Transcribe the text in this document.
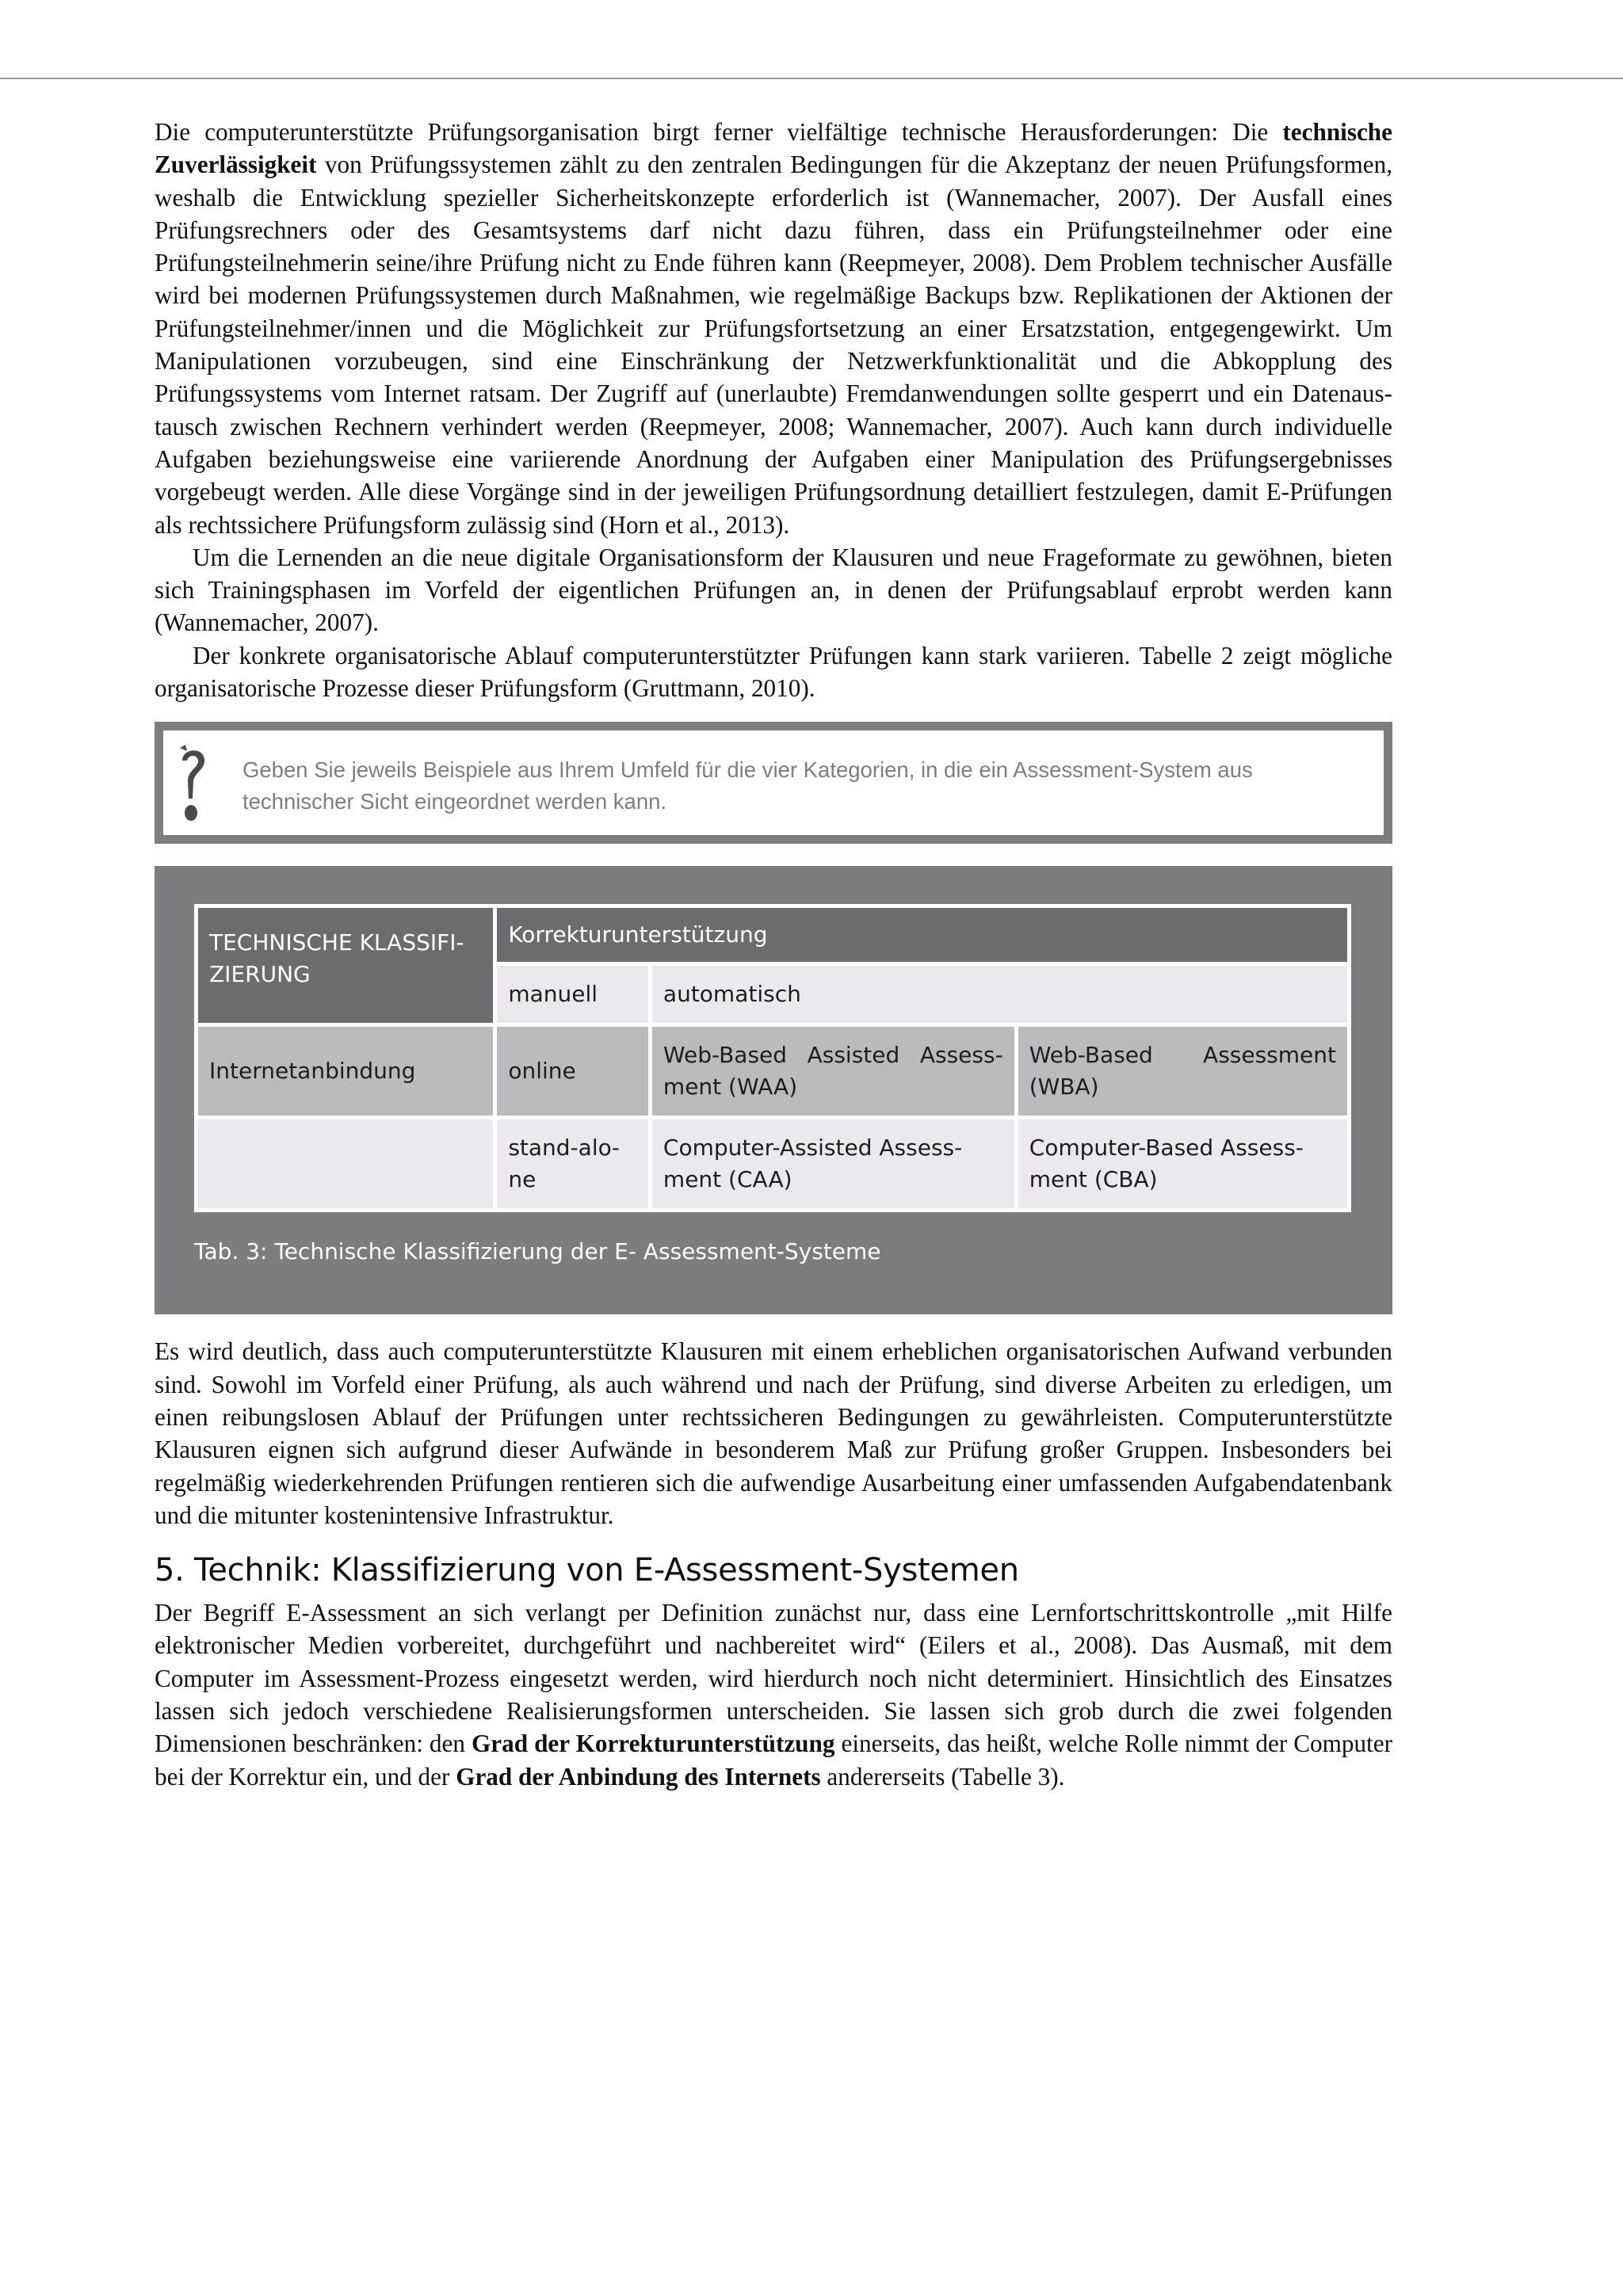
Die computerunterstützte Prüfungsorganisation birgt ferner vielfältige technische Herausforderungen: Die technische Zuverlässigkeit von Prüfungssystemen zählt zu den zentralen Bedingungen für die Akzeptanz der neuen Prüfungsformen, weshalb die Entwicklung spezieller Sicherheitskonzepte erforderlich ist (Wannemacher, 2007). Der Ausfall eines Prüfungsrechners oder des Gesamtsystems darf nicht dazu führen, dass ein Prüfungsteilnehmer oder eine Prüfungsteilnehmerin seine/ihre Prüfung nicht zu Ende führen kann (Reepmeyer, 2008). Dem Problem technischer Ausfälle wird bei modernen Prüfungssystemen durch Maßnahmen, wie regelmäßige Backups bzw. Replikationen der Aktionen der Prüfungsteilnehmer/innen und die Möglichkeit zur Prüfungsfortsetzung an einer Ersatzstation, entgegengewirkt. Um Manipulationen vorzubeugen, sind eine Einschränkung der Netzwerkfunktionalität und die Abkopplung des Prüfungssystems vom Internet ratsam. Der Zugriff auf (unerlaubte) Fremdanwendungen sollte gesperrt und ein Datenaustausch zwischen Rechnern verhindert werden (Reepmeyer, 2008; Wannemacher, 2007). Auch kann durch individuelle Aufgaben beziehungsweise eine variierende Anordnung der Aufgaben einer Manipulation des Prüfungsergebnisses vorgebeugt werden. Alle diese Vorgänge sind in der jeweiligen Prüfungsordnung detailliert festzulegen, damit E-Prüfungen als rechtssichere Prüfungsform zulässig sind (Horn et al., 2013).

Um die Lernenden an die neue digitale Organisationsform der Klausuren und neue Frageformate zu gewöhnen, bieten sich Trainingsphasen im Vorfeld der eigentlichen Prüfungen an, in denen der Prüfungsablauf erprobt werden kann (Wannemacher, 2007).

Der konkrete organisatorische Ablauf computerunterstützter Prüfungen kann stark variieren. Tabelle 2 zeigt mögliche organisatorische Prozesse dieser Prüfungsform (Gruttmann, 2010).

Geben Sie jeweils Beispiele aus Ihrem Umfeld für die vier Kategorien, in die ein Assessment-System aus technischer Sicht eingeordnet werden kann.
TECHNISCHE KLASSIFIZIERUNG	Korrekturunterstützung		
	manuell	automatisch	
Internetanbindung	online	Web-Based Assisted Assessment (WAA)	Web-Based Assessment (WBA)
	stand-alone	Computer-Assisted Assessment (CAA)	Computer-Based Assessment (CBA)
Tab. 3: Technische Klassifizierung der E- Assessment-Systeme

Es wird deutlich, dass auch computerunterstützte Klausuren mit einem erheblichen organisatorischen Aufwand verbunden sind. Sowohl im Vorfeld einer Prüfung, als auch während und nach der Prüfung, sind diverse Arbeiten zu erledigen, um einen reibungslosen Ablauf der Prüfungen unter rechtssicheren Bedingungen zu gewährleisten. Computerunterstützte Klausuren eignen sich aufgrund dieser Aufwände in besonderem Maß zur Prüfung großer Gruppen. Insbesonders bei regelmäßig wiederkehrenden Prüfungen rentieren sich die aufwendige Ausarbeitung einer umfassenden Aufgabendatenbank und die mitunter kostenintensive Infrastruktur.

5. Technik: Klassifizierung von E-Assessment-Systemen

Der Begriff E-Assessment an sich verlangt per Definition zunächst nur, dass eine Lernfortschrittskontrolle „mit Hilfe elektronischer Medien vorbereitet, durchgeführt und nachbereitet wird“ (Eilers et al., 2008). Das Ausmaß, mit dem Computer im Assessment-Prozess eingesetzt werden, wird hierdurch noch nicht determiniert. Hinsichtlich des Einsatzes lassen sich jedoch verschiedene Realisierungsformen unterscheiden. Sie lassen sich grob durch die zwei folgenden Dimensionen beschränken: den Grad der Korrekturunterstützung einerseits, das heißt, welche Rolle nimmt der Computer bei der Korrektur ein, und der Grad der Anbindung des Internets andererseits (Tabelle 3).
